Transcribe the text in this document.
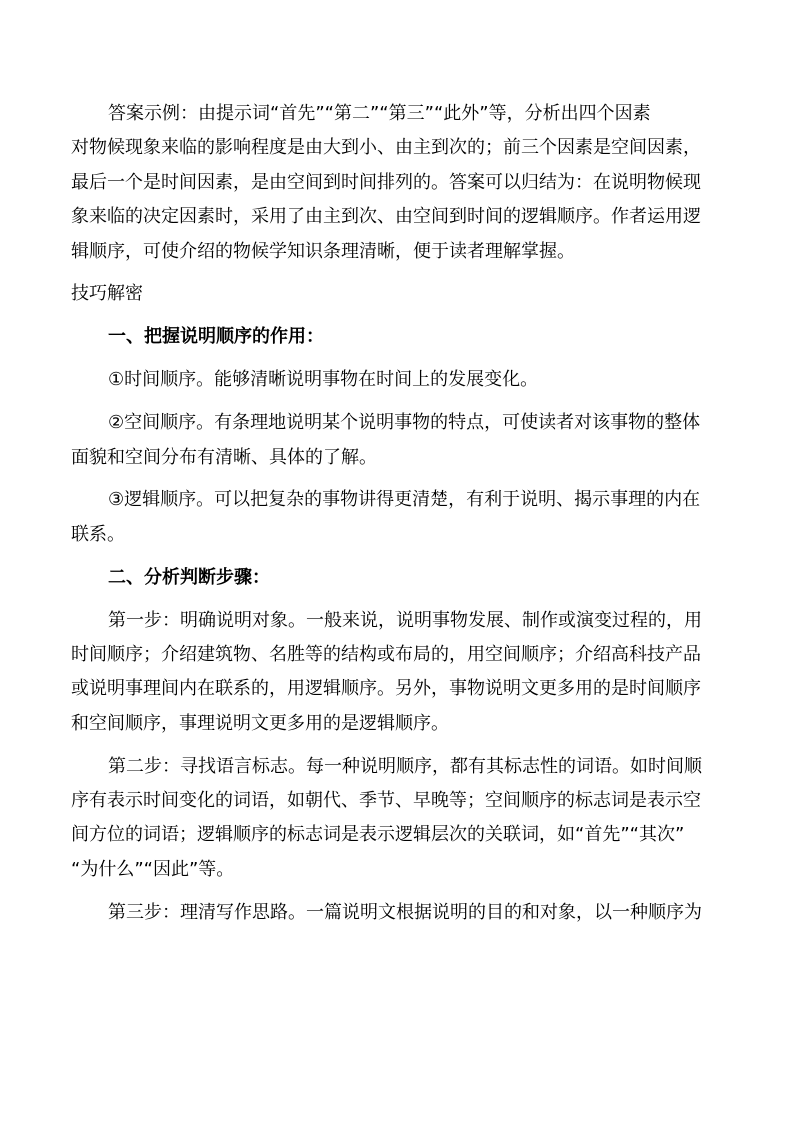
答案示例：由提示词“首先”“第二”“第三”“此外”等，分析出四个因素
对物候现象来临的影响程度是由大到小、由主到次的；前三个因素是空间因素，
最后一个是时间因素，是由空间到时间排列的。答案可以归结为：在说明物候现
象来临的决定因素时，采用了由主到次、由空间到时间的逻辑顺序。作者运用逻
辑顺序，可使介绍的物候学知识条理清晰，便于读者理解掌握。
技巧解密
一、把握说明顺序的作用：
①时间顺序。能够清晰说明事物在时间上的发展变化。
②空间顺序。有条理地说明某个说明事物的特点，可使读者对该事物的整体
面貌和空间分布有清晰、具体的了解。
③逻辑顺序。可以把复杂的事物讲得更清楚，有利于说明、揭示事理的内在
联系。
二、分析判断步骤：
第一步：明确说明对象。一般来说，说明事物发展、制作或演变过程的，用
时间顺序；介绍建筑物、名胜等的结构或布局的，用空间顺序；介绍高科技产品
或说明事理间内在联系的，用逻辑顺序。另外，事物说明文更多用的是时间顺序
和空间顺序，事理说明文更多用的是逻辑顺序。
第二步：寻找语言标志。每一种说明顺序，都有其标志性的词语。如时间顺
序有表示时间变化的词语，如朝代、季节、早晚等；空间顺序的标志词是表示空
间方位的词语；逻辑顺序的标志词是表示逻辑层次的关联词，如“首先”“其次”
“为什么”“因此”等。
第三步：理清写作思路。一篇说明文根据说明的目的和对象，以一种顺序为
